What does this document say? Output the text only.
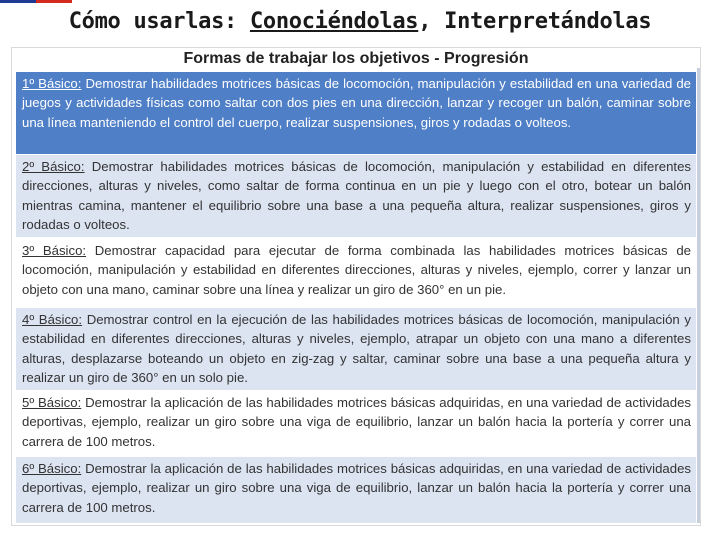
Cómo usarlas: Conociéndolas, Interpretándolas
Formas de trabajar los objetivos - Progresión
1º Básico: Demostrar habilidades motrices básicas de locomoción, manipulación y estabilidad en una variedad de juegos y actividades físicas como saltar con dos pies en una dirección, lanzar y recoger un balón, caminar sobre una línea manteniendo el control del cuerpo, realizar suspensiones, giros y rodadas o volteos.
2º Básico: Demostrar habilidades motrices básicas de locomoción, manipulación y estabilidad en diferentes direcciones, alturas y niveles, como saltar de forma continua en un pie y luego con el otro, botear un balón mientras camina, mantener el equilibrio sobre una base a una pequeña altura, realizar suspensiones, giros y rodadas o volteos.
3º Básico: Demostrar capacidad para ejecutar de forma combinada las habilidades motrices básicas de locomoción, manipulación y estabilidad en diferentes direcciones, alturas y niveles, ejemplo, correr y lanzar un objeto con una mano, caminar sobre una línea y realizar un giro de 360° en un pie.
4º Básico: Demostrar control en la ejecución de las habilidades motrices básicas de locomoción, manipulación y estabilidad en diferentes direcciones, alturas y niveles, ejemplo, atrapar un objeto con una mano a diferentes alturas, desplazarse boteando un objeto en zig-zag y saltar, caminar sobre una base a una pequeña altura y realizar un giro de 360° en un solo pie.
5º Básico: Demostrar la aplicación de las habilidades motrices básicas adquiridas, en una variedad de actividades deportivas, ejemplo, realizar un giro sobre una viga de equilibrio, lanzar un balón hacia la portería y correr una carrera de 100 metros.
6º Básico: Demostrar la aplicación de las habilidades motrices básicas adquiridas, en una variedad de actividades deportivas, ejemplo, realizar un giro sobre una viga de equilibrio, lanzar un balón hacia la portería y correr una carrera de 100 metros.
